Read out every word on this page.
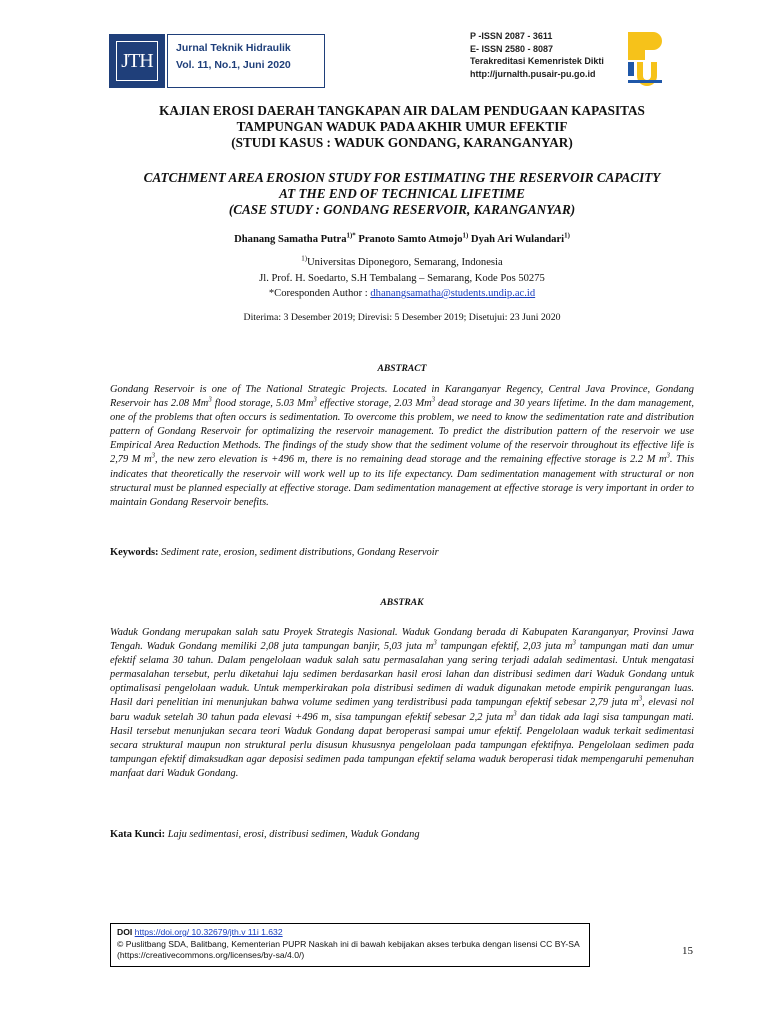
JTH
Jurnal Teknik Hidraulik
Vol. 11, No.1, Juni 2020
P -ISSN 2087 - 3611
E- ISSN 2580 - 8087
Terakreditasi Kemenristek Dikti
http://jurnalth.pusair-pu.go.id
KAJIAN EROSI DAERAH TANGKAPAN AIR DALAM PENDUGAAN KAPASITAS
TAMPUNGAN WADUK PADA AKHIR UMUR EFEKTIF
(STUDI KASUS : WADUK GONDANG, KARANGANYAR)
CATCHMENT AREA EROSION STUDY FOR ESTIMATING THE RESERVOIR CAPACITY
AT THE END OF TECHNICAL LIFETIME
(CASE STUDY : GONDANG RESERVOIR, KARANGANYAR)
Dhanang Samatha Putra$^{1)*}$ Pranoto Samto Atmojo$^{1)}$ Dyah Ari Wulandari$^{1)}$
$^{1)}$Universitas Diponegoro, Semarang, Indonesia
Jl. Prof. H. Soedarto, S.H Tembalang – Semarang, Kode Pos 50275
*Coresponden Author : dhanangsamatha@students.undip.ac.id
Diterima: 3 Desember 2019; Direvisi: 5 Desember 2019; Disetujui: 23 Juni 2020
ABSTRACT
Gondang Reservoir is one of The National Strategic Projects. Located in Karanganyar Regency, Central Java Province, Gondang Reservoir has 2.08 Mm$^3$ flood storage, 5.03 Mm$^3$ effective storage, 2.03 Mm$^3$ dead storage and 30 years lifetime. In the dam management, one of the problems that often occurs is sedimentation. To overcome this problem, we need to know the sedimentation rate and distribution pattern of Gondang Reservoir for optimalizing the reservoir management. To predict the distribution pattern of the reservoir we use Empirical Area Reduction Methods. The findings of the study show that the sediment volume of the reservoir throughout its effective life is 2,79 M $m^3$, the new zero elevation is +496 m, there is no remaining dead storage and the remaining effective storage is 2.2 M $m^3$. This indicates that theoretically the reservoir will work well up to its life expectancy. Dam sedimentation management with structural or non structural must be planned especially at effective storage. Dam sedimentation management at effective storage is very important in order to maintain Gondang Reservoir benefits.
Keywords: Sediment rate, erosion, sediment distributions, Gondang Reservoir
ABSTRAK
Waduk Gondang merupakan salah satu Proyek Strategis Nasional. Waduk Gondang berada di Kabupaten Karanganyar, Provinsi Jawa Tengah. Waduk Gondang memiliki 2,08 juta tampungan banjir, 5,03 juta $m^3$ tampungan efektif, 2,03 juta $m^3$ tampungan mati dan umur efektif selama 30 tahun. Dalam pengelolaan waduk salah satu permasalahan yang sering terjadi adalah sedimentasi. Untuk mengatasi permasalahan tersebut, perlu diketahui laju sedimen berdasarkan hasil erosi lahan dan distribusi sedimen dari Waduk Gondang untuk optimalisasi pengelolaan waduk. Untuk memperkirakan pola distribusi sedimen di waduk digunakan metode empirik pengurangan luas. Hasil dari penelitian ini menunjukan bahwa volume sedimen yang terdistribusi pada tampungan efektif sebesar 2,79 juta $m^3$, elevasi nol baru waduk setelah 30 tahun pada elevasi +496 m, sisa tampungan efektif sebesar 2,2 juta $m^3$ dan tidak ada lagi sisa tampungan mati. Hasil tersebut menunjukan secara teori Waduk Gondang dapat beroperasi sampai umur efektif. Pengelolaan waduk terkait sedimentasi secara struktural maupun non struktural perlu disusun khususnya pengelolaan pada tampungan efektifnya. Pengelolaan sedimen pada tampungan efektif dimaksudkan agar deposisi sedimen pada tampungan efektif selama waduk beroperasi tidak mempengaruhi pemenuhan manfaat dari Waduk Gondang.
Kata Kunci: Laju sedimentasi, erosi, distribusi sedimen, Waduk Gondang
DOI https://doi.org/ 10.32679/jth.v 11i 1.632
© Puslitbang SDA, Balitbang, Kementerian PUPR Naskah ini di bawah kebijakan akses terbuka dengan lisensi CC BY-SA (https://creativecommons.org/licenses/by-sa/4.0/)	15
